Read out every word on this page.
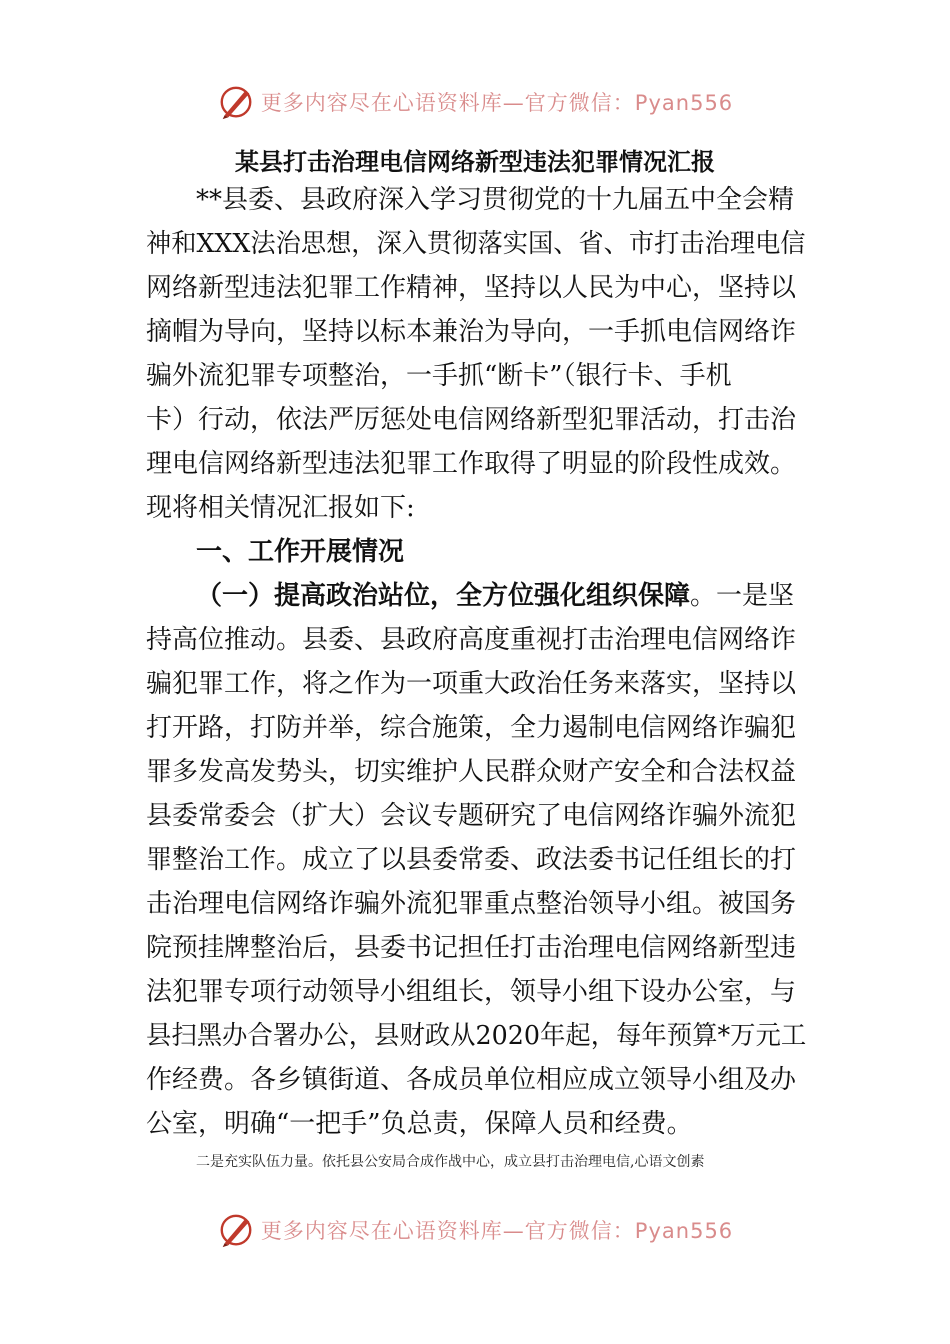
更多内容尽在心语资料库—官方微信：Pyan556
某县打击治理电信网络新型违法犯罪情况汇报
**县委、县政府深入学习贯彻党的十九届五中全会精
神和XXX法治思想，深入贯彻落实国、省、市打击治理电信
网络新型违法犯罪工作精神，坚持以人民为中心，坚持以
摘帽为导向，坚持以标本兼治为导向，一手抓电信网络诈
骗外流犯罪专项整治，一手抓“断卡”（银行卡、手机
卡）行动，依法严厉惩处电信网络新型犯罪活动，打击治
理电信网络新型违法犯罪工作取得了明显的阶段性成效。
现将相关情况汇报如下:
一、工作开展情况
（一）提高政治站位，全方位强化组织保障。一是坚
持高位推动。县委、县政府高度重视打击治理电信网络诈
骗犯罪工作，将之作为一项重大政治任务来落实，坚持以
打开路，打防并举，综合施策，全力遏制电信网络诈骗犯
罪多发高发势头，切实维护人民群众财产安全和合法权益
县委常委会（扩大）会议专题研究了电信网络诈骗外流犯
罪整治工作。成立了以县委常委、政法委书记任组长的打
击治理电信网络诈骗外流犯罪重点整治领导小组。被国务
院预挂牌整治后，县委书记担任打击治理电信网络新型违
法犯罪专项行动领导小组组长，领导小组下设办公室，与
县扫黑办合署办公，县财政从2020年起，每年预算*万元工
作经费。各乡镇街道、各成员单位相应成立领导小组及办
公室，明确“一把手”负总责，保障人员和经费。
二是充实队伍力量。依托县公安局合成作战中心，成立县打击治理电信,心语文创素
更多内容尽在心语资料库—官方微信：Pyan556
